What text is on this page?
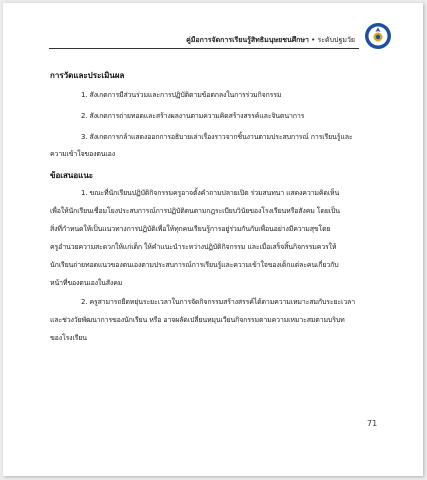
คู่มือการจัดการเรียนรู้สิทธิมนุษยชนศึกษา • ระดับปฐมวัย
การวัดและประเมินผล
1. สังเกตการมีส่วนร่วมและการปฏิบัติตามข้อตกลงในการร่วมกิจกรรม
2. สังเกตการถ่ายทอดและสร้างผลงานตามความคิดสร้างสรรค์และจินตนาการ
3. สังเกตการกล้าแสดงออกการอธิบายเล่าเรื่องราวจากชิ้นงานตามประสบการณ์ การเรียนรู้และ
ความเข้าใจของตนเอง
ข้อเสนอแนะ
1. ขณะที่นักเรียนปฏิบัติกิจกรรมครูอาจตั้งคำถามปลายเปิด ร่วมสนทนา แสดงความคิดเห็น
เพื่อให้นักเรียนเชื่อมโยงประสบการณ์การปฏิบัติตนตามกฎระเบียบวินัยของโรงเรียนหรือสังคม โดยเป็น
สิ่งที่กำหนดให้เป็นแนวทางการปฏิบัติเพื่อให้ทุกคนเรียนรู้การอยู่ร่วมกันกับเพื่อนอย่างมีความสุขโดย
ครูอำนวยความสะดวกให้แก่เด็ก ให้คำแนะนำระหว่างปฏิบัติกิจกรรม และเมื่อเสร็จสิ้นกิจกรรมควรให้
นักเรียนถ่ายทอดแนวของตนเองตามประสบการณ์การเรียนรู้และความเข้าใจของเด็กแต่ละคนเกี่ยวกับ
หน้าที่ของตนเองในสังคม
2. ครูสามารถยืดหยุ่นระยะเวลาในการจัดกิจกรรมสร้างสรรค์ได้ตามความเหมาะสมกับระยะเวลา
และช่วงวัยพัฒนาการของนักเรียน หรือ อาจผลัดเปลี่ยนหมุนเวียนกิจกรรมตามความเหมาะสมตามบริบท
ของโรงเรียน
71
